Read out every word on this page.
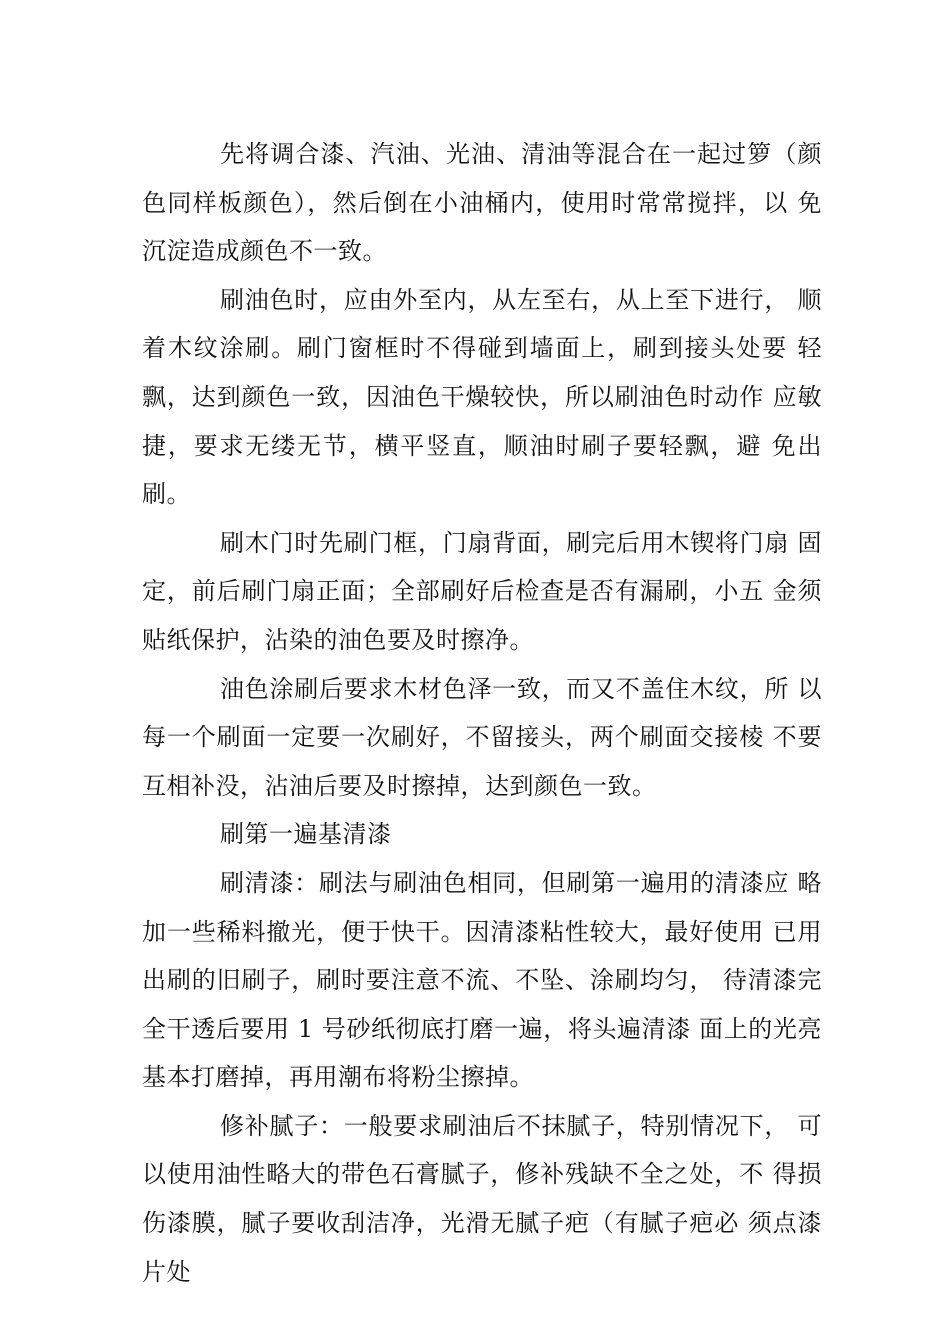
先将调合漆、汽油、光油、清油等混合在一起过箩（颜 色同样板颜色），然后倒在小油桶内，使用时常常搅拌，以 免沉淀造成颜色不一致。

刷油色时，应由外至内，从左至右，从上至下进行， 顺着木纹涂刷。刷门窗框时不得碰到墙面上，刷到接头处要 轻飘，达到颜色一致，因油色干燥较快，所以刷油色时动作 应敏捷，要求无缕无节，横平竖直，顺油时刷子要轻飘，避 免出刷。

刷木门时先刷门框，门扇背面，刷完后用木锲将门扇 固定，前后刷门扇正面；全部刷好后检查是否有漏刷，小五 金须贴纸保护，沾染的油色要及时擦净。

油色涂刷后要求木材色泽一致，而又不盖住木纹，所 以每一个刷面一定要一次刷好，不留接头，两个刷面交接棱 不要互相补没，沾油后要及时擦掉，达到颜色一致。

刷第一遍基清漆

刷清漆：刷法与刷油色相同，但刷第一遍用的清漆应 略加一些稀料撤光，便于快干。因清漆粘性较大，最好使用 已用出刷的旧刷子，刷时要注意不流、不坠、涂刷均匀， 待清漆完全干透后要用 1 号砂纸彻底打磨一遍，将头遍清漆 面上的光亮基本打磨掉，再用潮布将粉尘擦掉。

修补腻子：一般要求刷油后不抹腻子，特别情况下， 可以使用油性略大的带色石膏腻子，修补残缺不全之处，不 得损伤漆膜，腻子要收刮洁净，光滑无腻子疤（有腻子疤必 须点漆片处
